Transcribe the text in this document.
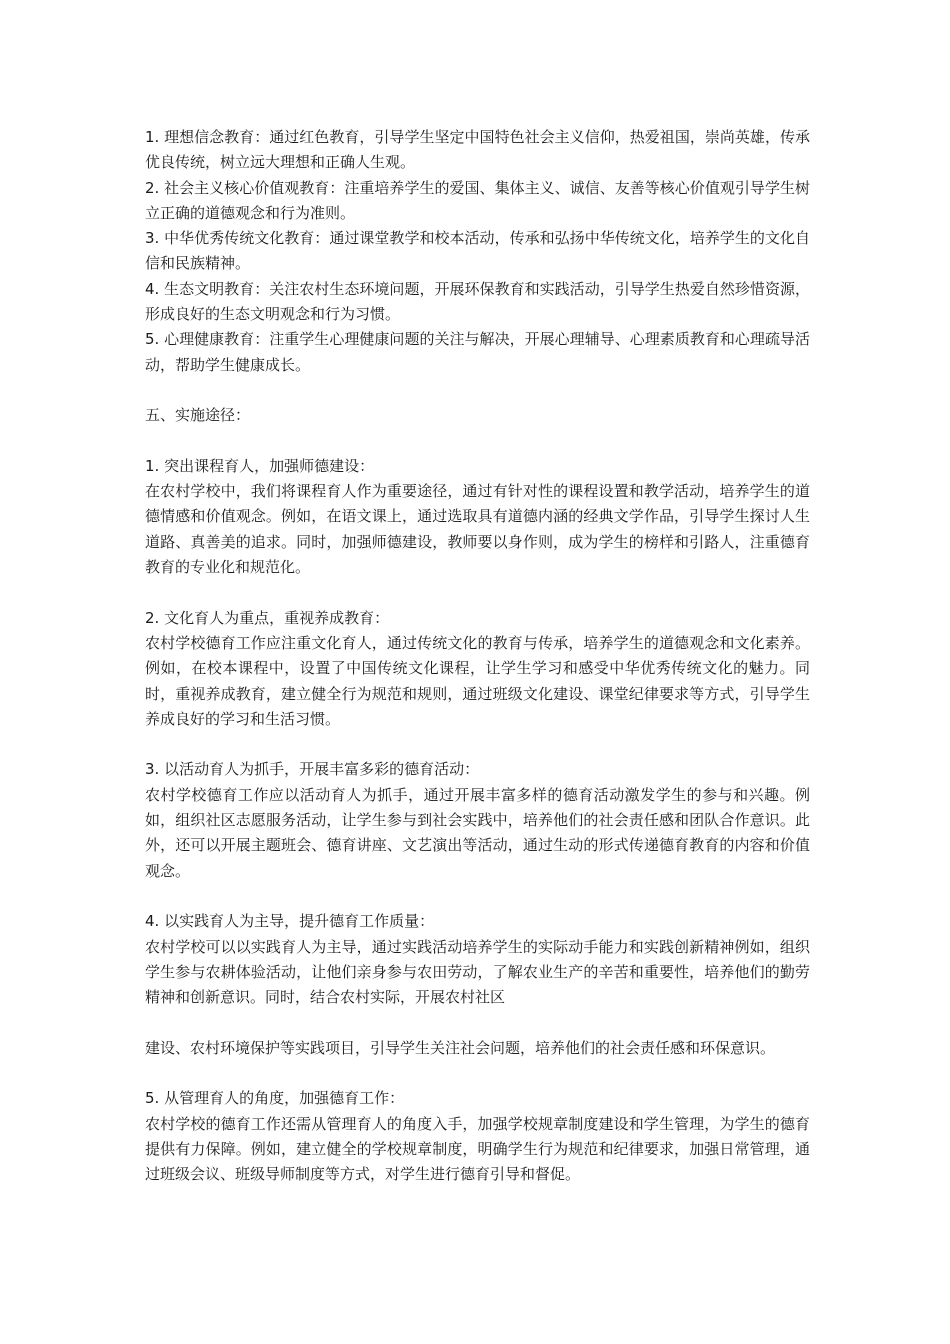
1. 理想信念教育：通过红色教育，引导学生坚定中国特色社会主义信仰，热爱祖国，崇尚英雄，传承优良传统，树立远大理想和正确人生观。

2. 社会主义核心价值观教育：注重培养学生的爱国、集体主义、诚信、友善等核心价值观引导学生树立正确的道德观念和行为准则。

3. 中华优秀传统文化教育：通过课堂教学和校本活动，传承和弘扬中华传统文化，培养学生的文化自信和民族精神。

4. 生态文明教育：关注农村生态环境问题，开展环保教育和实践活动，引导学生热爱自然珍惜资源，形成良好的生态文明观念和行为习惯。

5. 心理健康教育：注重学生心理健康问题的关注与解决，开展心理辅导、心理素质教育和心理疏导活动，帮助学生健康成长。

五、实施途径：

1. 突出课程育人，加强师德建设：

在农村学校中，我们将课程育人作为重要途径，通过有针对性的课程设置和教学活动，培养学生的道德情感和价值观念。例如，在语文课上，通过选取具有道德内涵的经典文学作品，引导学生探讨人生道路、真善美的追求。同时，加强师德建设，教师要以身作则，成为学生的榜样和引路人，注重德育教育的专业化和规范化。

2. 文化育人为重点，重视养成教育：

农村学校德育工作应注重文化育人，通过传统文化的教育与传承，培养学生的道德观念和文化素养。例如，在校本课程中，设置了中国传统文化课程，让学生学习和感受中华优秀传统文化的魅力。同时，重视养成教育，建立健全行为规范和规则，通过班级文化建设、课堂纪律要求等方式，引导学生养成良好的学习和生活习惯。

3. 以活动育人为抓手，开展丰富多彩的德育活动：

农村学校德育工作应以活动育人为抓手，通过开展丰富多样的德育活动激发学生的参与和兴趣。例如，组织社区志愿服务活动，让学生参与到社会实践中，培养他们的社会责任感和团队合作意识。此外，还可以开展主题班会、德育讲座、文艺演出等活动，通过生动的形式传递德育教育的内容和价值观念。

4. 以实践育人为主导，提升德育工作质量：

农村学校可以以实践育人为主导，通过实践活动培养学生的实际动手能力和实践创新精神例如，组织学生参与农耕体验活动，让他们亲身参与农田劳动，了解农业生产的辛苦和重要性，培养他们的勤劳精神和创新意识。同时，结合农村实际，开展农村社区

建设、农村环境保护等实践项目，引导学生关注社会问题，培养他们的社会责任感和环保意识。

5. 从管理育人的角度，加强德育工作：

农村学校的德育工作还需从管理育人的角度入手，加强学校规章制度建设和学生管理，为学生的德育提供有力保障。例如，建立健全的学校规章制度，明确学生行为规范和纪律要求，加强日常管理，通过班级会议、班级导师制度等方式，对学生进行德育引导和督促。
